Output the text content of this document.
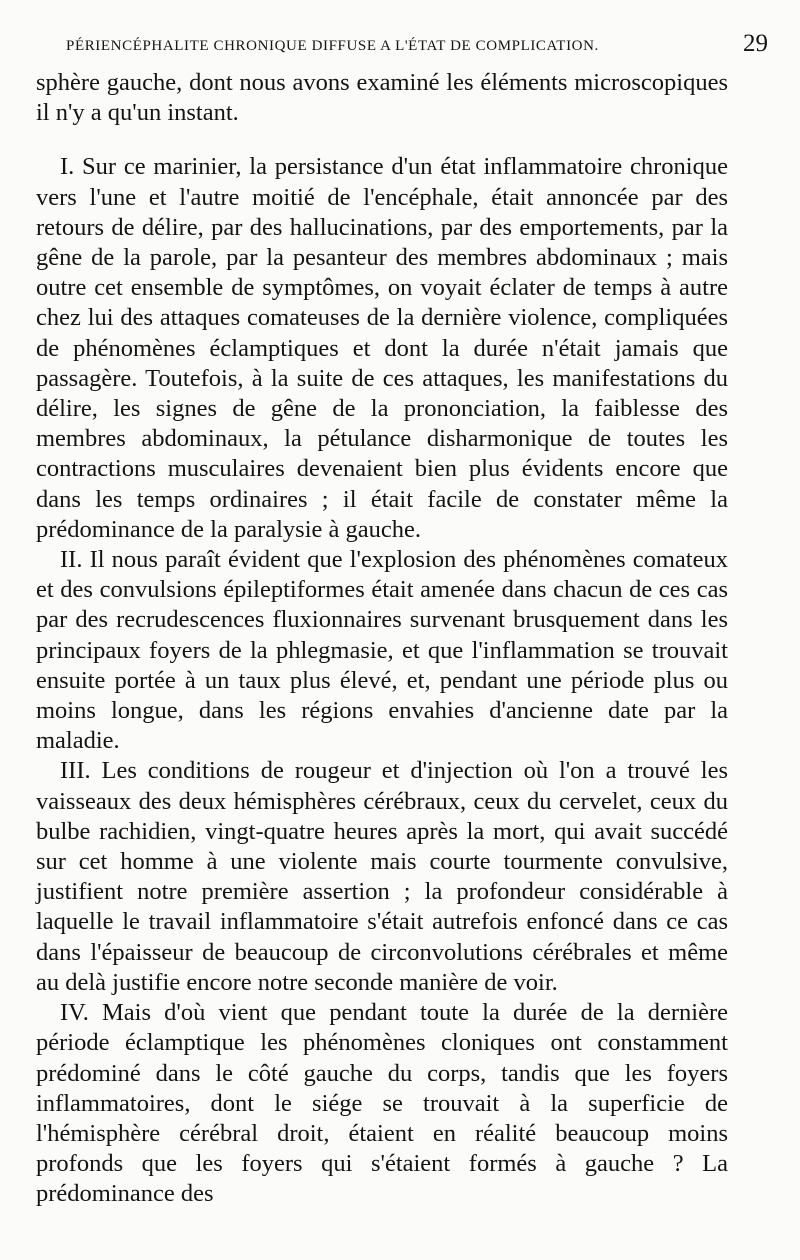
PÉRIENCÉPHALITE CHRONIQUE DIFFUSE A L'ÉTAT DE COMPLICATION.	29

sphère gauche, dont nous avons examiné les éléments microscopiques il n'y a qu'un instant.

I. Sur ce marinier, la persistance d'un état inflammatoire chronique vers l'une et l'autre moitié de l'encéphale, était annoncée par des retours de délire, par des hallucinations, par des emportements, par la gêne de la parole, par la pesanteur des membres abdominaux ; mais outre cet ensemble de symptômes, on voyait éclater de temps à autre chez lui des attaques comateuses de la dernière violence, compliquées de phénomènes éclamptiques et dont la durée n'était jamais que passagère. Toutefois, à la suite de ces attaques, les manifestations du délire, les signes de gêne de la prononciation, la faiblesse des membres abdominaux, la pétulance disharmonique de toutes les contractions musculaires devenaient bien plus évidents encore que dans les temps ordinaires ; il était facile de constater même la prédominance de la paralysie à gauche.

II. Il nous paraît évident que l'explosion des phénomènes comateux et des convulsions épileptiformes était amenée dans chacun de ces cas par des recrudescences fluxionnaires survenant brusquement dans les principaux foyers de la phlegmasie, et que l'inflammation se trouvait ensuite portée à un taux plus élevé, et, pendant une période plus ou moins longue, dans les régions envahies d'ancienne date par la maladie.

III. Les conditions de rougeur et d'injection où l'on a trouvé les vaisseaux des deux hémisphères cérébraux, ceux du cervelet, ceux du bulbe rachidien, vingt-quatre heures après la mort, qui avait succédé sur cet homme à une violente mais courte tourmente convulsive, justifient notre première assertion ; la profondeur considérable à laquelle le travail inflammatoire s'était autrefois enfoncé dans ce cas dans l'épaisseur de beaucoup de circonvolutions cérébrales et même au delà justifie encore notre seconde manière de voir.

IV. Mais d'où vient que pendant toute la durée de la dernière période éclamptique les phénomènes cloniques ont constamment prédominé dans le côté gauche du corps, tandis que les foyers inflammatoires, dont le siége se trouvait à la superficie de l'hémisphère cérébral droit, étaient en réalité beaucoup moins profonds que les foyers qui s'étaient formés à gauche ? La prédominance des
